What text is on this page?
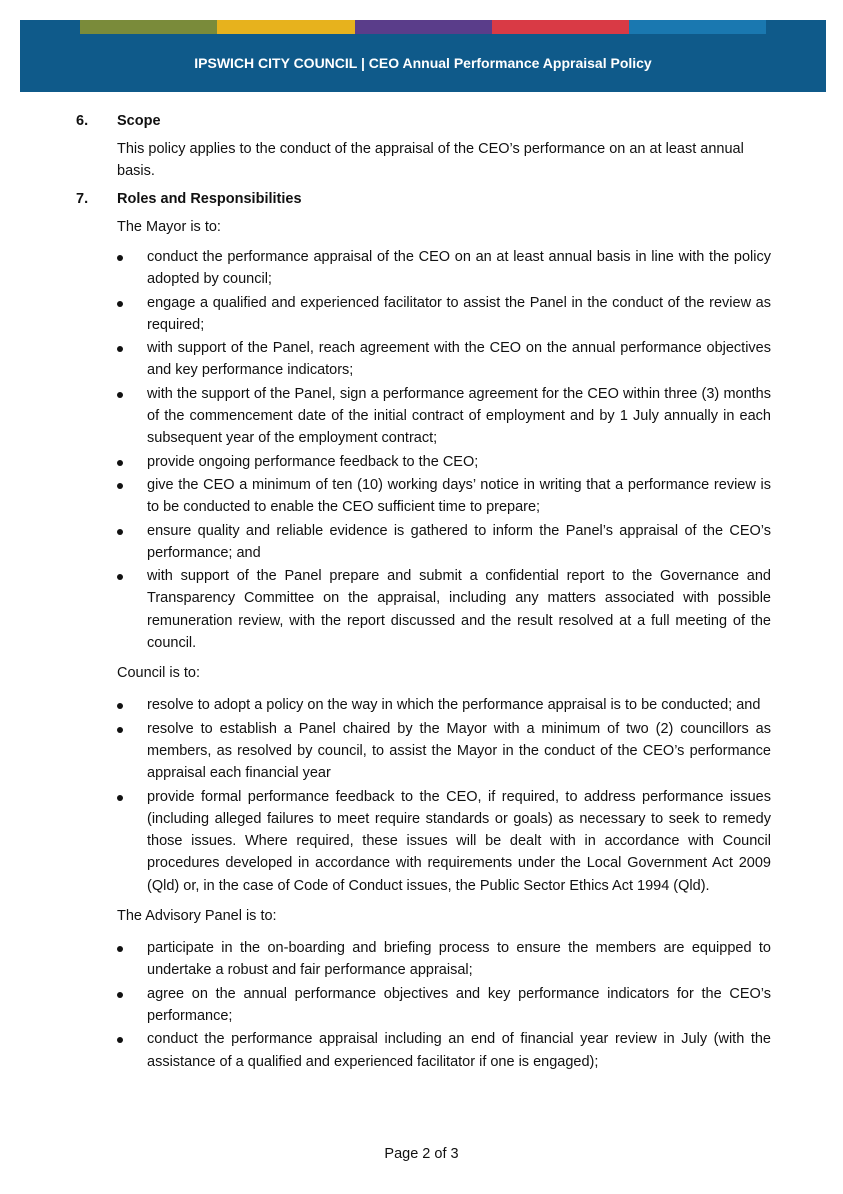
IPSWICH CITY COUNCIL | CEO Annual Performance Appraisal Policy
6.	Scope
This policy applies to the conduct of the appraisal of the CEO’s performance on an at least annual basis.
7.	Roles and Responsibilities
The Mayor is to:
conduct the performance appraisal of the CEO on an at least annual basis in line with the policy adopted by council;
engage a qualified and experienced facilitator to assist the Panel in the conduct of the review as required;
with support of the Panel, reach agreement with the CEO on the annual performance objectives and key performance indicators;
with the support of the Panel, sign a performance agreement for the CEO within three (3) months of the commencement date of the initial contract of employment and by 1 July annually in each subsequent year of the employment contract;
provide ongoing performance feedback to the CEO;
give the CEO a minimum of ten (10) working days’ notice in writing that a performance review is to be conducted to enable the CEO sufficient time to prepare;
ensure quality and reliable evidence is gathered to inform the Panel’s appraisal of the CEO’s performance; and
with support of the Panel prepare and submit a confidential report to the Governance and Transparency Committee on the appraisal, including any matters associated with possible remuneration review, with the report discussed and the result resolved at a full meeting of the council.
Council is to:
resolve to adopt a policy on the way in which the performance appraisal is to be conducted; and
resolve to establish a Panel chaired by the Mayor with a minimum of two (2) councillors as members, as resolved by council, to assist the Mayor in the conduct of the CEO’s performance appraisal each financial year
provide formal performance feedback to the CEO, if required, to address performance issues (including alleged failures to meet require standards or goals) as necessary to seek to remedy those issues. Where required, these issues will be dealt with in accordance with Council procedures developed in accordance with requirements under the Local Government Act 2009 (Qld) or, in the case of Code of Conduct issues, the Public Sector Ethics Act 1994 (Qld).
The Advisory Panel is to:
participate in the on-boarding and briefing process to ensure the members are equipped to undertake a robust and fair performance appraisal;
agree on the annual performance objectives and key performance indicators for the CEO’s performance;
conduct the performance appraisal including an end of financial year review in July (with the assistance of a qualified and experienced facilitator if one is engaged);
Page 2 of 3
